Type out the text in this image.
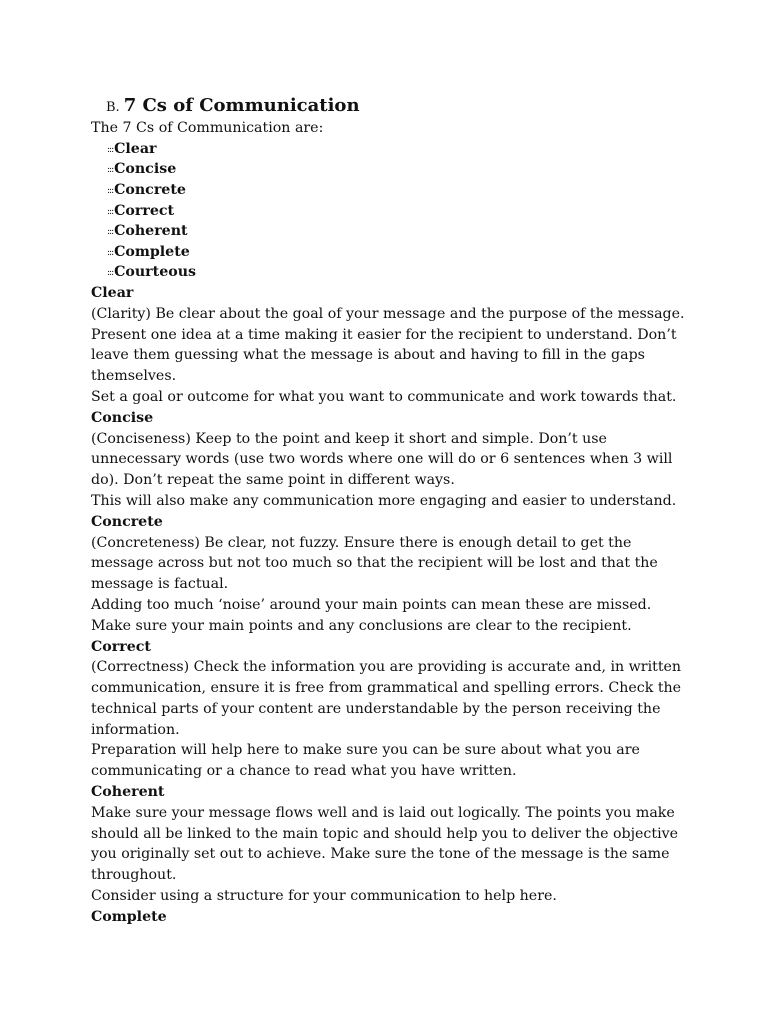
B. 7 Cs of Communication
The 7 Cs of Communication are:
:::Clear
:::Concise
:::Concrete
:::Correct
:::Coherent
:::Complete
:::Courteous
Clear
(Clarity) Be clear about the goal of your message and the purpose of the message.
Present one idea at a time making it easier for the recipient to understand. Don’t
leave them guessing what the message is about and having to fill in the gaps
themselves.
Set a goal or outcome for what you want to communicate and work towards that.
Concise
(Conciseness) Keep to the point and keep it short and simple. Don’t use
unnecessary words (use two words where one will do or 6 sentences when 3 will
do). Don’t repeat the same point in different ways.
This will also make any communication more engaging and easier to understand.
Concrete
(Concreteness) Be clear, not fuzzy. Ensure there is enough detail to get the
message across but not too much so that the recipient will be lost and that the
message is factual.
Adding too much ‘noise’ around your main points can mean these are missed.
Make sure your main points and any conclusions are clear to the recipient.
Correct
(Correctness) Check the information you are providing is accurate and, in written
communication, ensure it is free from grammatical and spelling errors. Check the
technical parts of your content are understandable by the person receiving the
information.
Preparation will help here to make sure you can be sure about what you are
communicating or a chance to read what you have written.
Coherent
Make sure your message flows well and is laid out logically. The points you make
should all be linked to the main topic and should help you to deliver the objective
you originally set out to achieve. Make sure the tone of the message is the same
throughout.
Consider using a structure for your communication to help here.
Complete
